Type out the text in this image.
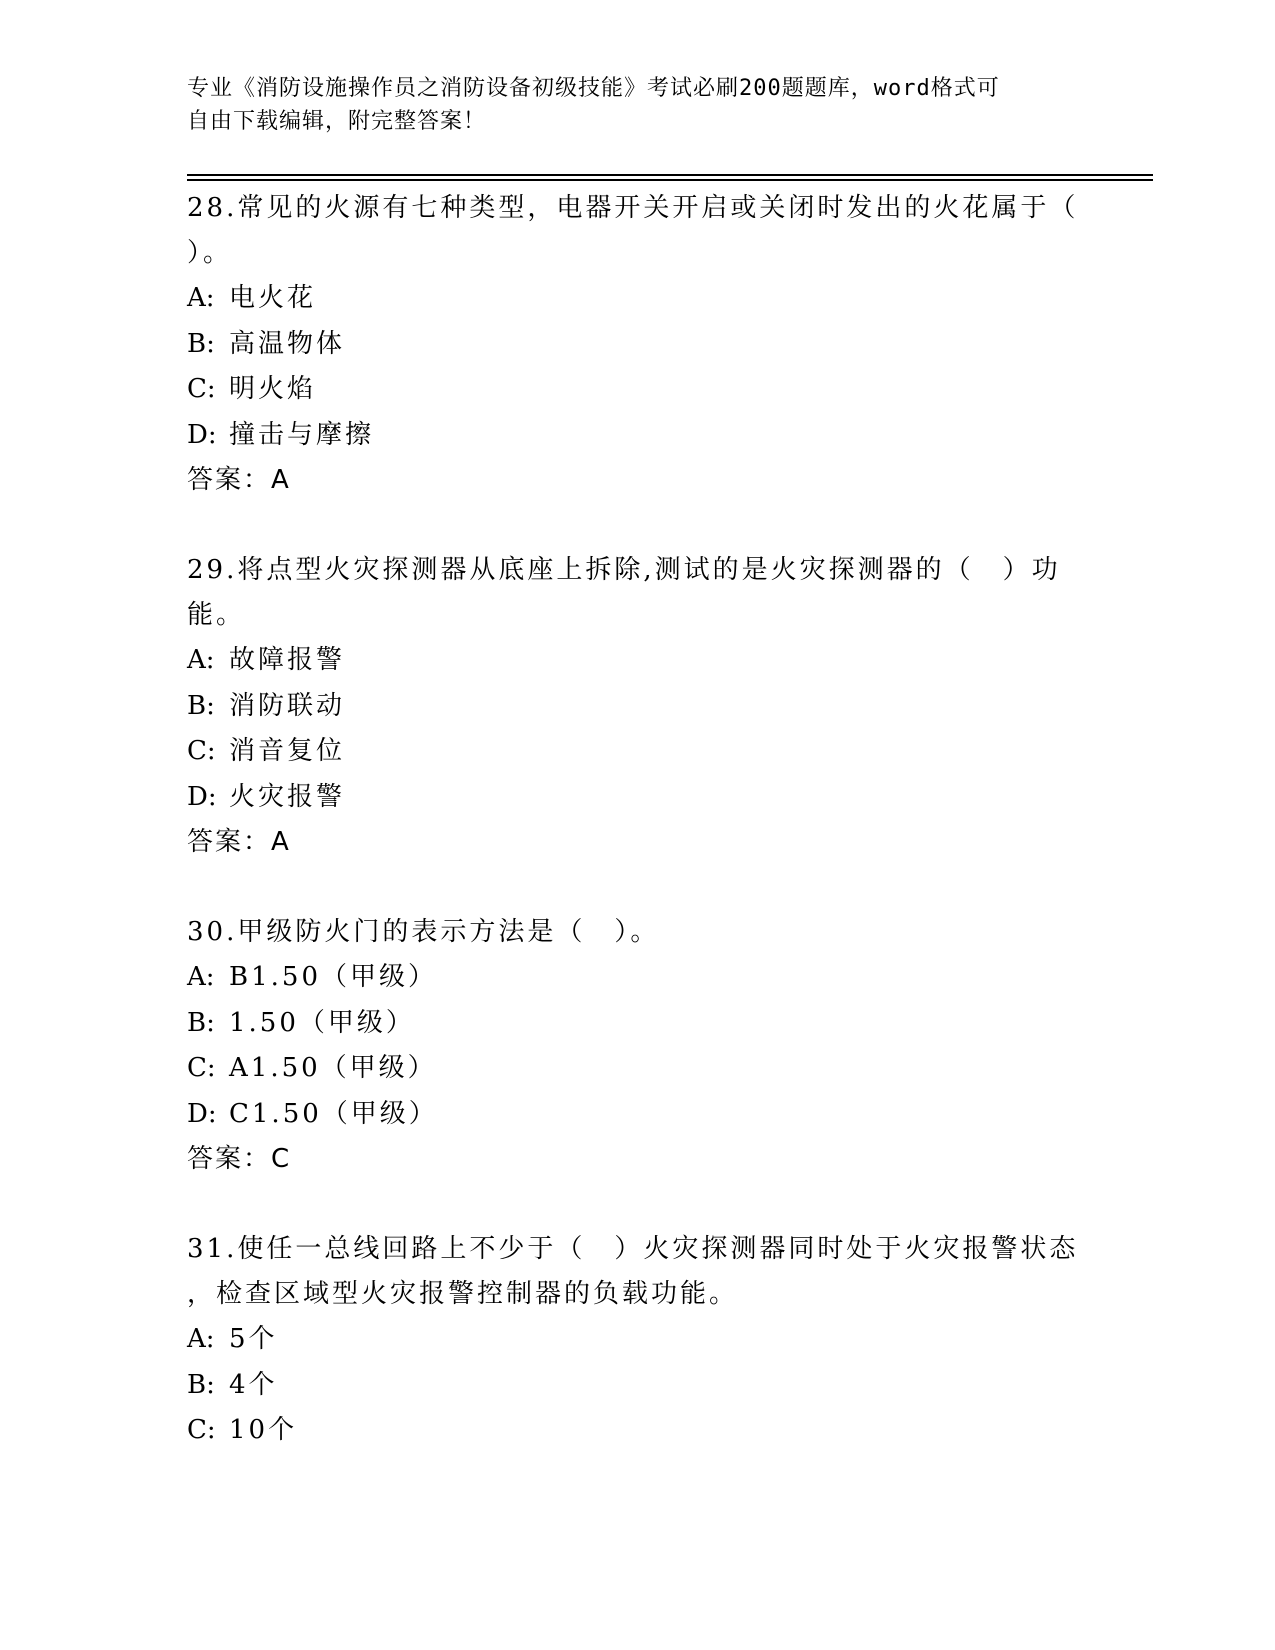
专业《消防设施操作员之消防设备初级技能》考试必刷200题题库，word格式可
自由下载编辑，附完整答案！
28.常见的火源有七种类型，电器开关开启或关闭时发出的火花属于（
）。
A: 电火花
B: 高温物体
C: 明火焰
D: 撞击与摩擦
答案：A
29.将点型火灾探测器从底座上拆除,测试的是火灾探测器的（　）功
能。
A: 故障报警
B: 消防联动
C: 消音复位
D: 火灾报警
答案：A
30.甲级防火门的表示方法是（　）。
A: B1.50（甲级）
B: 1.50（甲级）
C: A1.50（甲级）
D: C1.50（甲级）
答案：C
31.使任一总线回路上不少于（　）火灾探测器同时处于火灾报警状态
，检查区域型火灾报警控制器的负载功能。
A: 5个
B: 4个
C: 10个
